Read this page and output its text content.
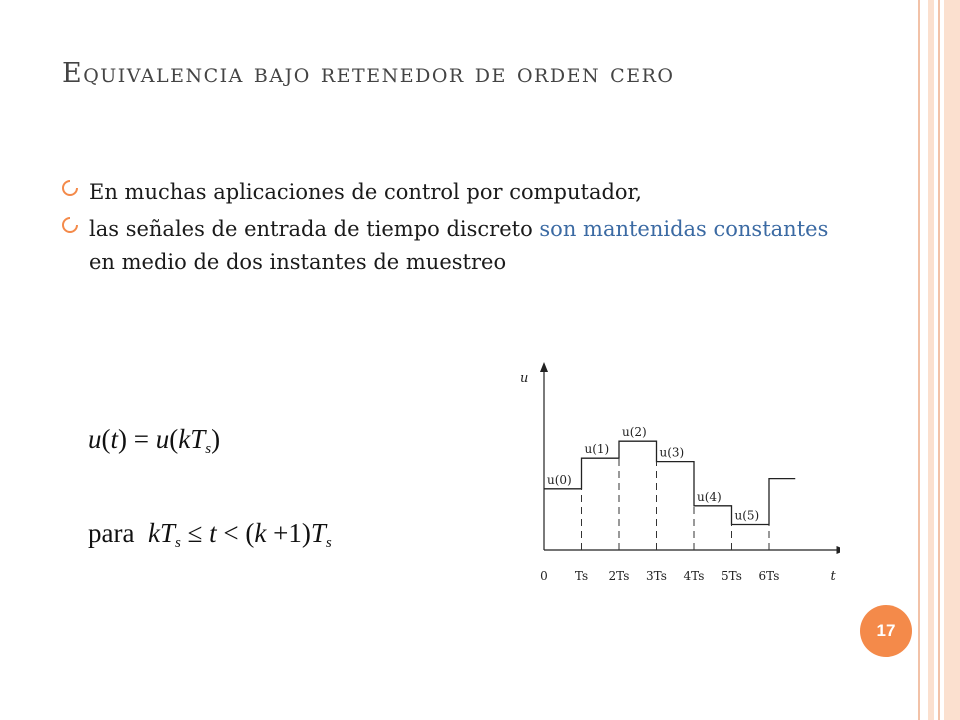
Equivalencia bajo retenedor de orden cero
En muchas aplicaciones de control por computador,
las señales de entrada de tiempo discreto son mantenidas constantes en medio de dos instantes de muestreo
$u(t) = u(kT_s)$
para  $kT_s \le t < (k +1)T_s$
u
t
u(0)
u(1)
u(2)
u(3)
u(4)
u(5)
0 Ts 2Ts 3Ts 4Ts 5Ts 6Ts
17
